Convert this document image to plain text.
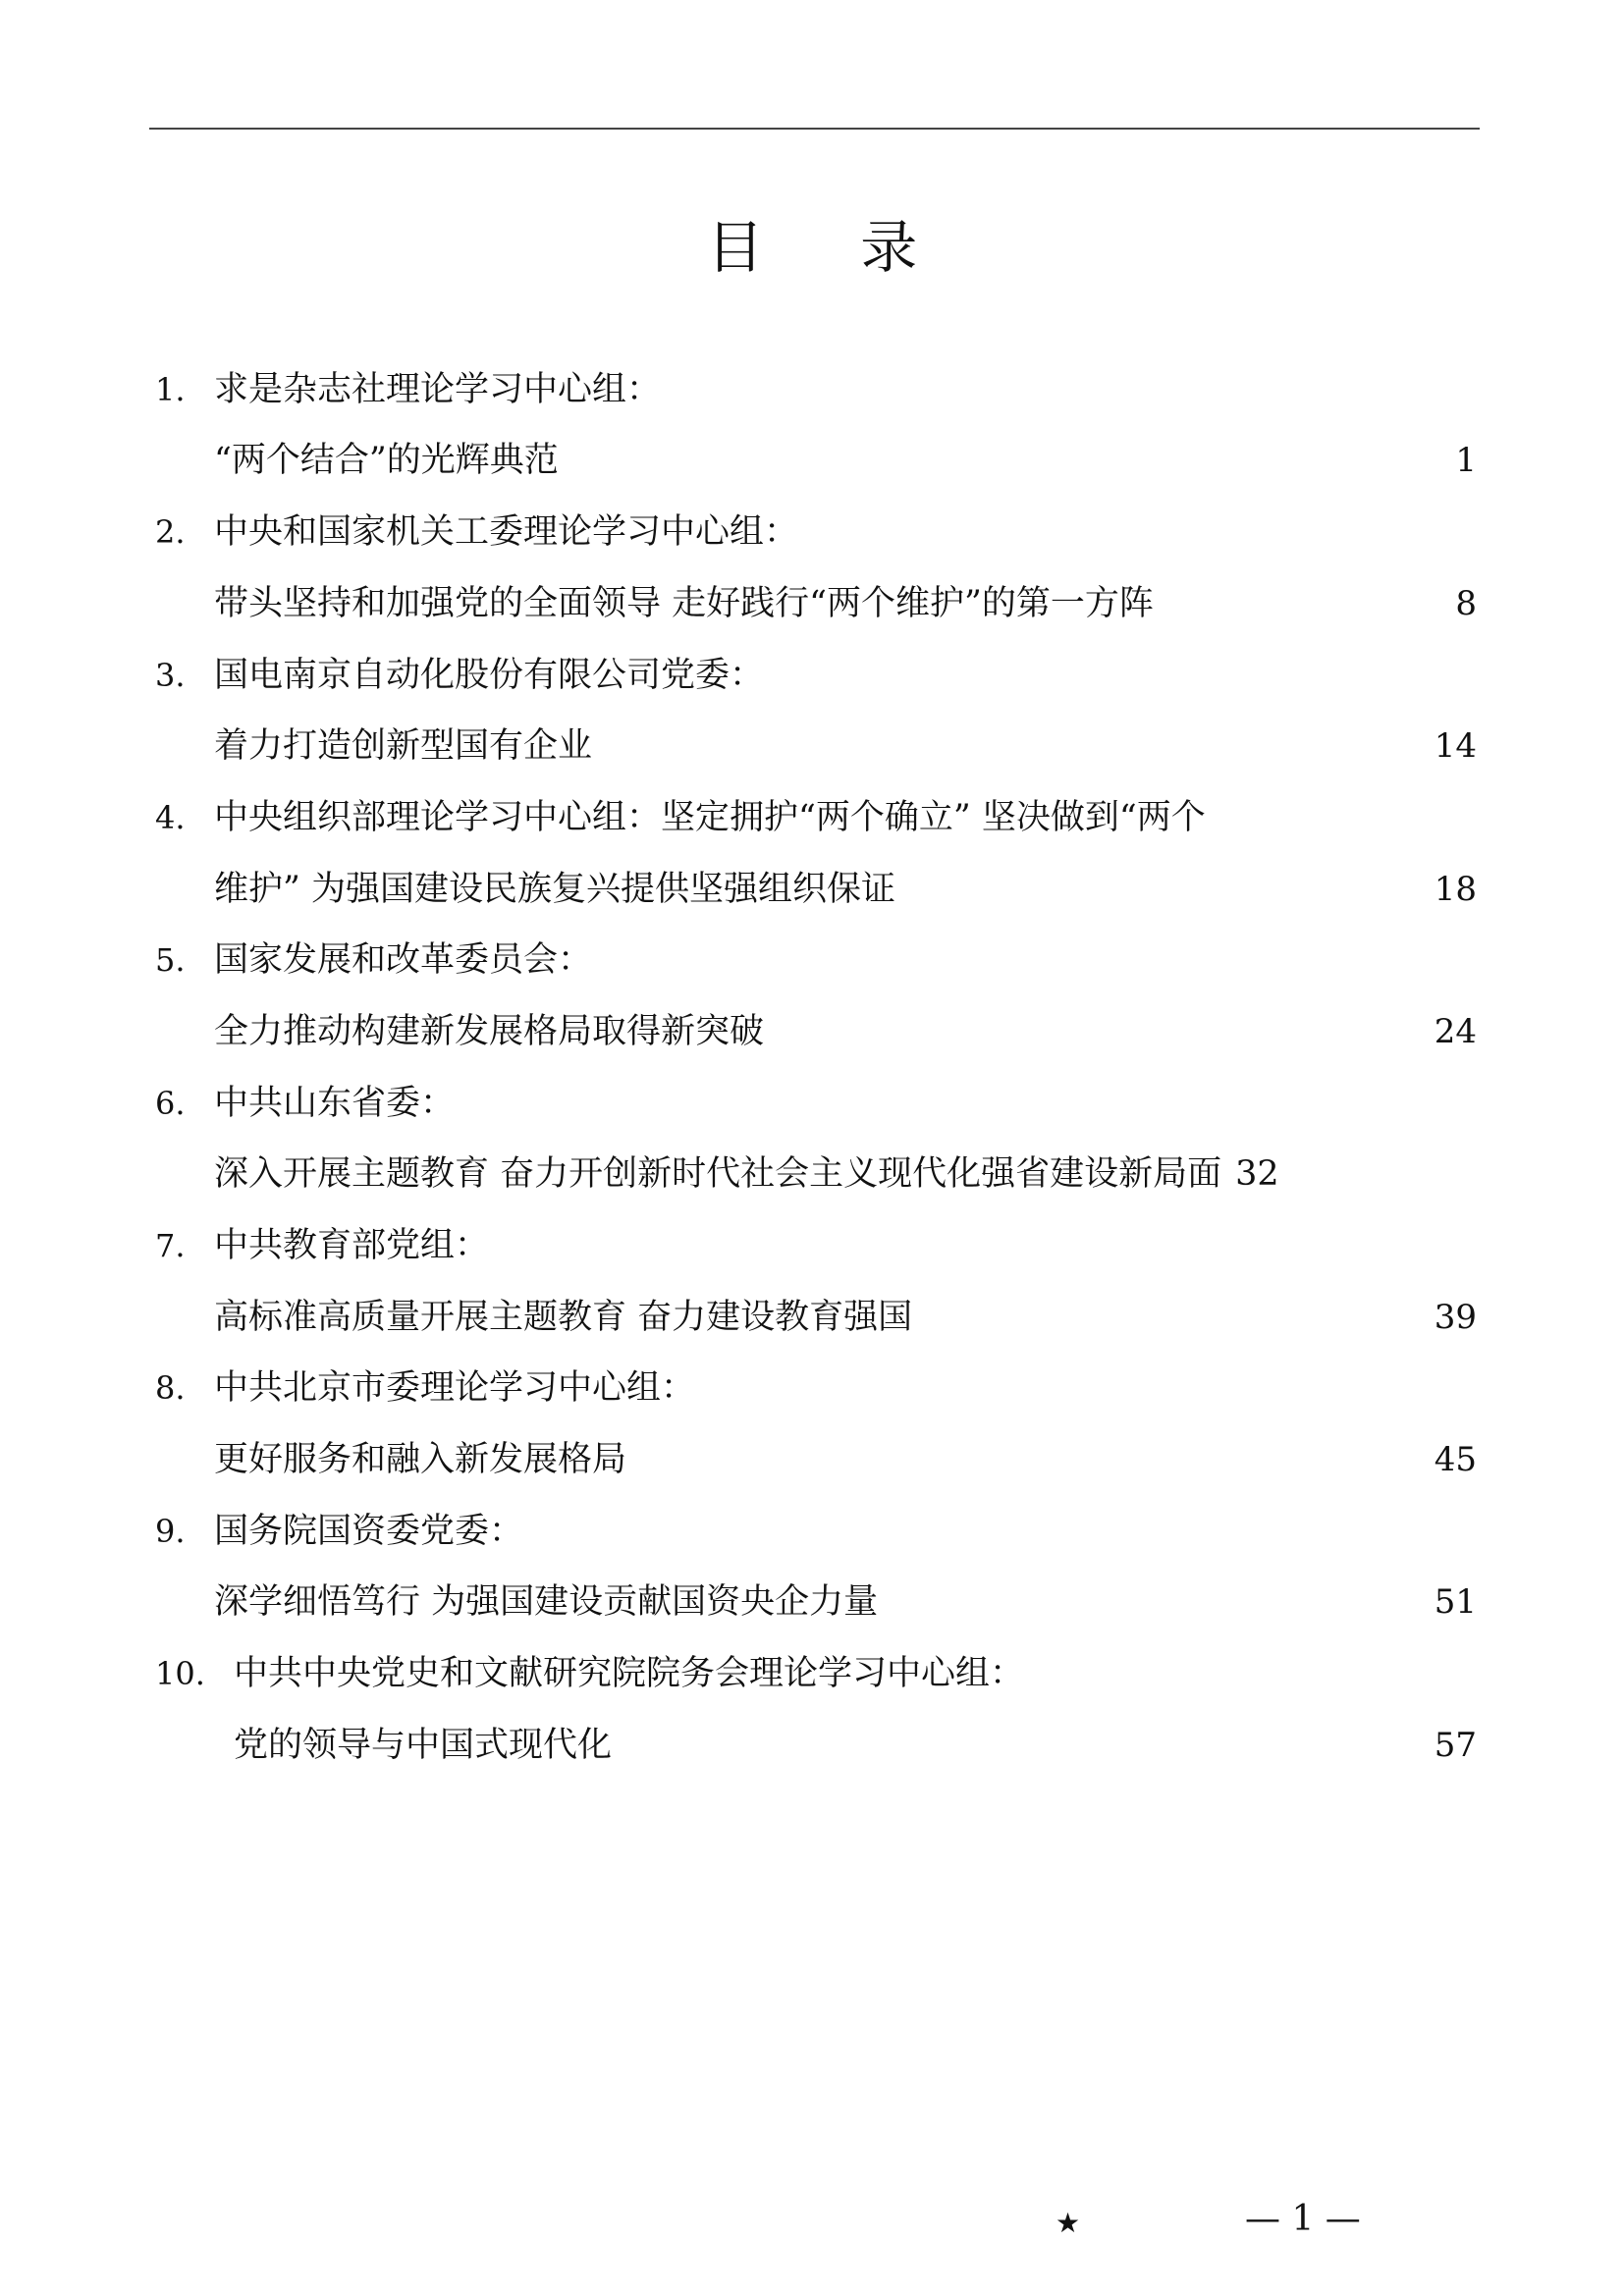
目 录
1. 求是杂志社理论学习中心组：
“两个结合”的光辉典范	1
2. 中央和国家机关工委理论学习中心组：
带头坚持和加强党的全面领导 走好践行“两个维护”的第一方阵	8
3. 国电南京自动化股份有限公司党委：
着力打造创新型国有企业	14
4. 中央组织部理论学习中心组：坚定拥护“两个确立” 坚决做到“两个
维护” 为强国建设民族复兴提供坚强组织保证	18
5. 国家发展和改革委员会：
全力推动构建新发展格局取得新突破	24
6. 中共山东省委：
深入开展主题教育 奋力开创新时代社会主义现代化强省建设新局面 32
7. 中共教育部党组：
高标准高质量开展主题教育 奋力建设教育强国	39
8. 中共北京市委理论学习中心组：
更好服务和融入新发展格局	45
9. 国务院国资委党委：
深学细悟笃行 为强国建设贡献国资央企力量	51
10. 中共中央党史和文献研究院院务会理论学习中心组：
党的领导与中国式现代化	57
★	— 1 —
